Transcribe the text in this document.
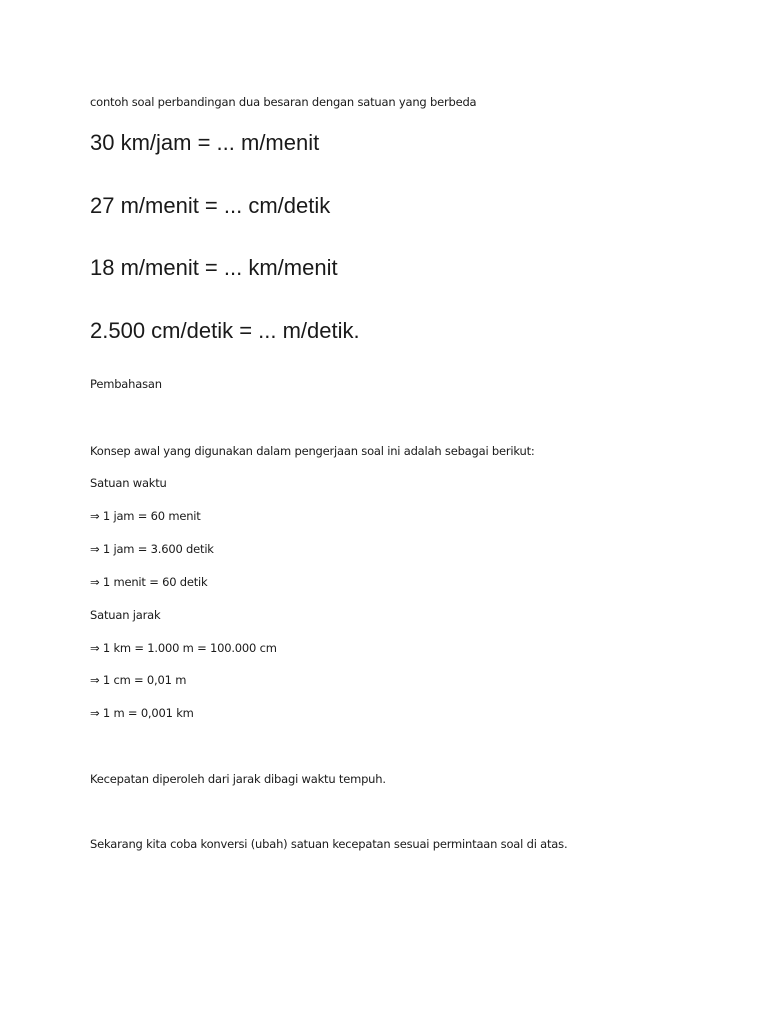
contoh soal perbandingan dua besaran dengan satuan yang berbeda
30 km/jam = ... m/menit
27 m/menit = ... cm/detik
18 m/menit = ... km/menit
2.500 cm/detik = ... m/detik.
Pembahasan
Konsep awal yang digunakan dalam pengerjaan soal ini adalah sebagai berikut:
Satuan waktu
⇒ 1 jam = 60 menit
⇒ 1 jam = 3.600 detik
⇒ 1 menit = 60 detik
Satuan jarak
⇒ 1 km = 1.000 m = 100.000 cm
⇒ 1 cm = 0,01 m
⇒ 1 m = 0,001 km
Kecepatan diperoleh dari jarak dibagi waktu tempuh.
Sekarang kita coba konversi (ubah) satuan kecepatan sesuai permintaan soal di atas.
